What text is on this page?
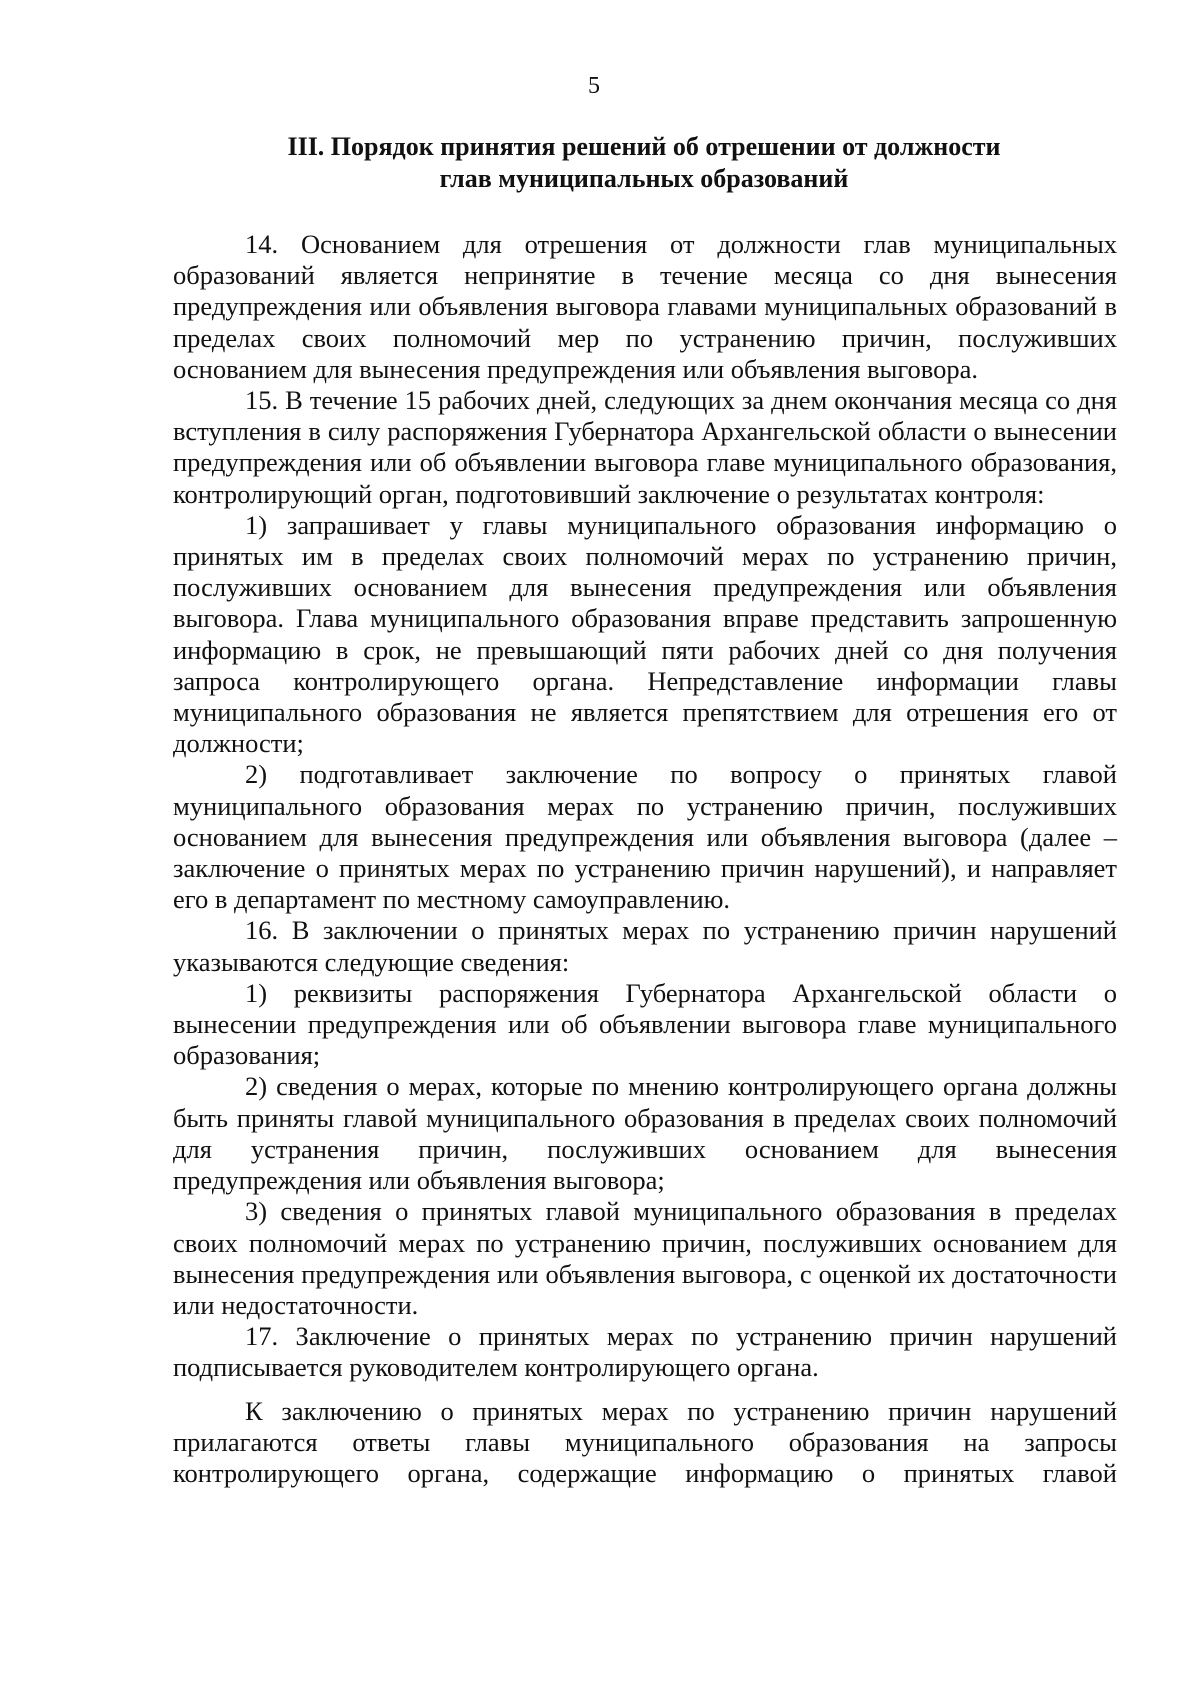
5
III. Порядок принятия решений об отрешении от должности
глав муниципальных образований

14. Основанием для отрешения от должности глав муниципальных образований является непринятие в течение месяца со дня вынесения предупреждения или объявления выговора главами муниципальных образований в пределах своих полномочий мер по устранению причин, послуживших основанием для вынесения предупреждения или объявления выговора.

15. В течение 15 рабочих дней, следующих за днем окончания месяца со дня вступления в силу распоряжения Губернатора Архангельской области о вынесении предупреждения или об объявлении выговора главе муниципального образования, контролирующий орган, подготовивший заключение о результатах контроля:

1) запрашивает у главы муниципального образования информацию о принятых им в пределах своих полномочий мерах по устранению причин, послуживших основанием для вынесения предупреждения или объявления выговора. Глава муниципального образования вправе представить запрошенную информацию в срок, не превышающий пяти рабочих дней со дня получения запроса контролирующего органа. Непредставление информации главы муниципального образования не является препятствием для отрешения его от должности;

2) подготавливает заключение по вопросу о принятых главой муниципального образования мерах по устранению причин, послуживших основанием для вынесения предупреждения или объявления выговора (далее – заключение о принятых мерах по устранению причин нарушений), и направляет его в департамент по местному самоуправлению.

16. В заключении о принятых мерах по устранению причин нарушений указываются следующие сведения:

1) реквизиты распоряжения Губернатора Архангельской области о вынесении предупреждения или об объявлении выговора главе муниципального образования;

2) сведения о мерах, которые по мнению контролирующего органа должны быть приняты главой муниципального образования в пределах своих полномочий для устранения причин, послуживших основанием для вынесения предупреждения или объявления выговора;

3) сведения о принятых главой муниципального образования в пределах своих полномочий мерах по устранению причин, послуживших основанием для вынесения предупреждения или объявления выговора, с оценкой их достаточности или недостаточности.

17. Заключение о принятых мерах по устранению причин нарушений подписывается руководителем контролирующего органа.

К заключению о принятых мерах по устранению причин нарушений прилагаются ответы главы муниципального образования на запросы контролирующего органа, содержащие информацию о принятых главой
